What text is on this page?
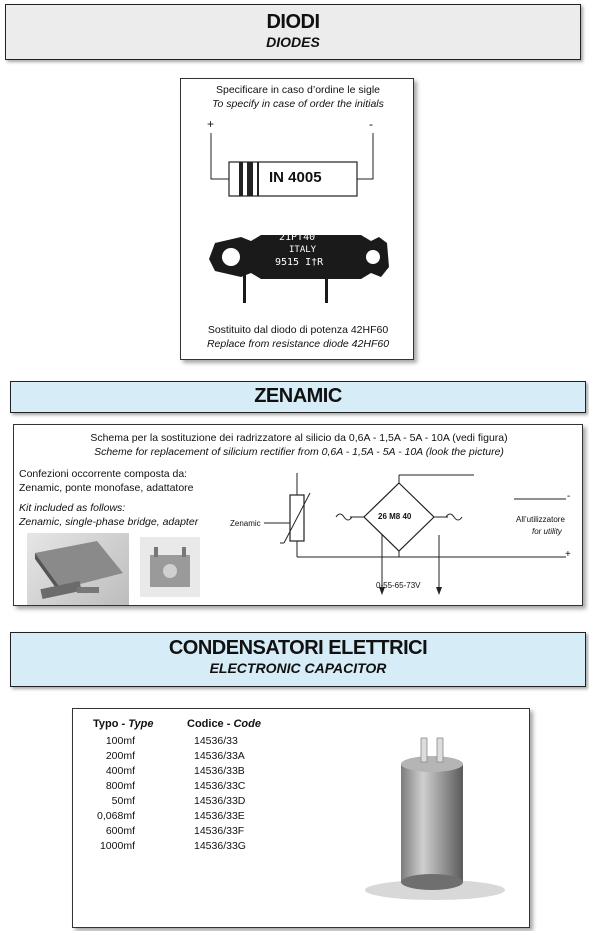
DIODI
DIODES
Specificare in caso d’ordine le sigle
To specify in case of order the initials
+	-
IN 4005
21PT40
ITALY
9515 I†R
Sostituito dal diodo di potenza 42HF60
Replace from resistance diode 42HF60
ZENAMIC
Schema per la sostituzione dei radrizzatore al silicio da 0,6A - 1,5A - 5A - 10A (vedi figura)
Scheme for replacement of silicium rectifier from 0,6A - 1,5A - 5A - 10A (look the picture)
Confezioni occorrente composta da:
Zenamic, ponte monofase, adattatore
Kit included as follows:
Zenamic, single-phase bridge, adapter	Zenamic
26 M8 40	All’utilizzatore
for utility
-
+
0-55-65-73V
CONDENSATORI ELETTRICI
ELECTRONIC CAPACITOR
Typo - Type	Codice - Code
100mf	14536/33
200mf	14536/33A
400mf	14536/33B
800mf	14536/33C
50mf	14536/33D
0,068mf	14536/33E
600mf	14536/33F
1000mf	14536/33G
